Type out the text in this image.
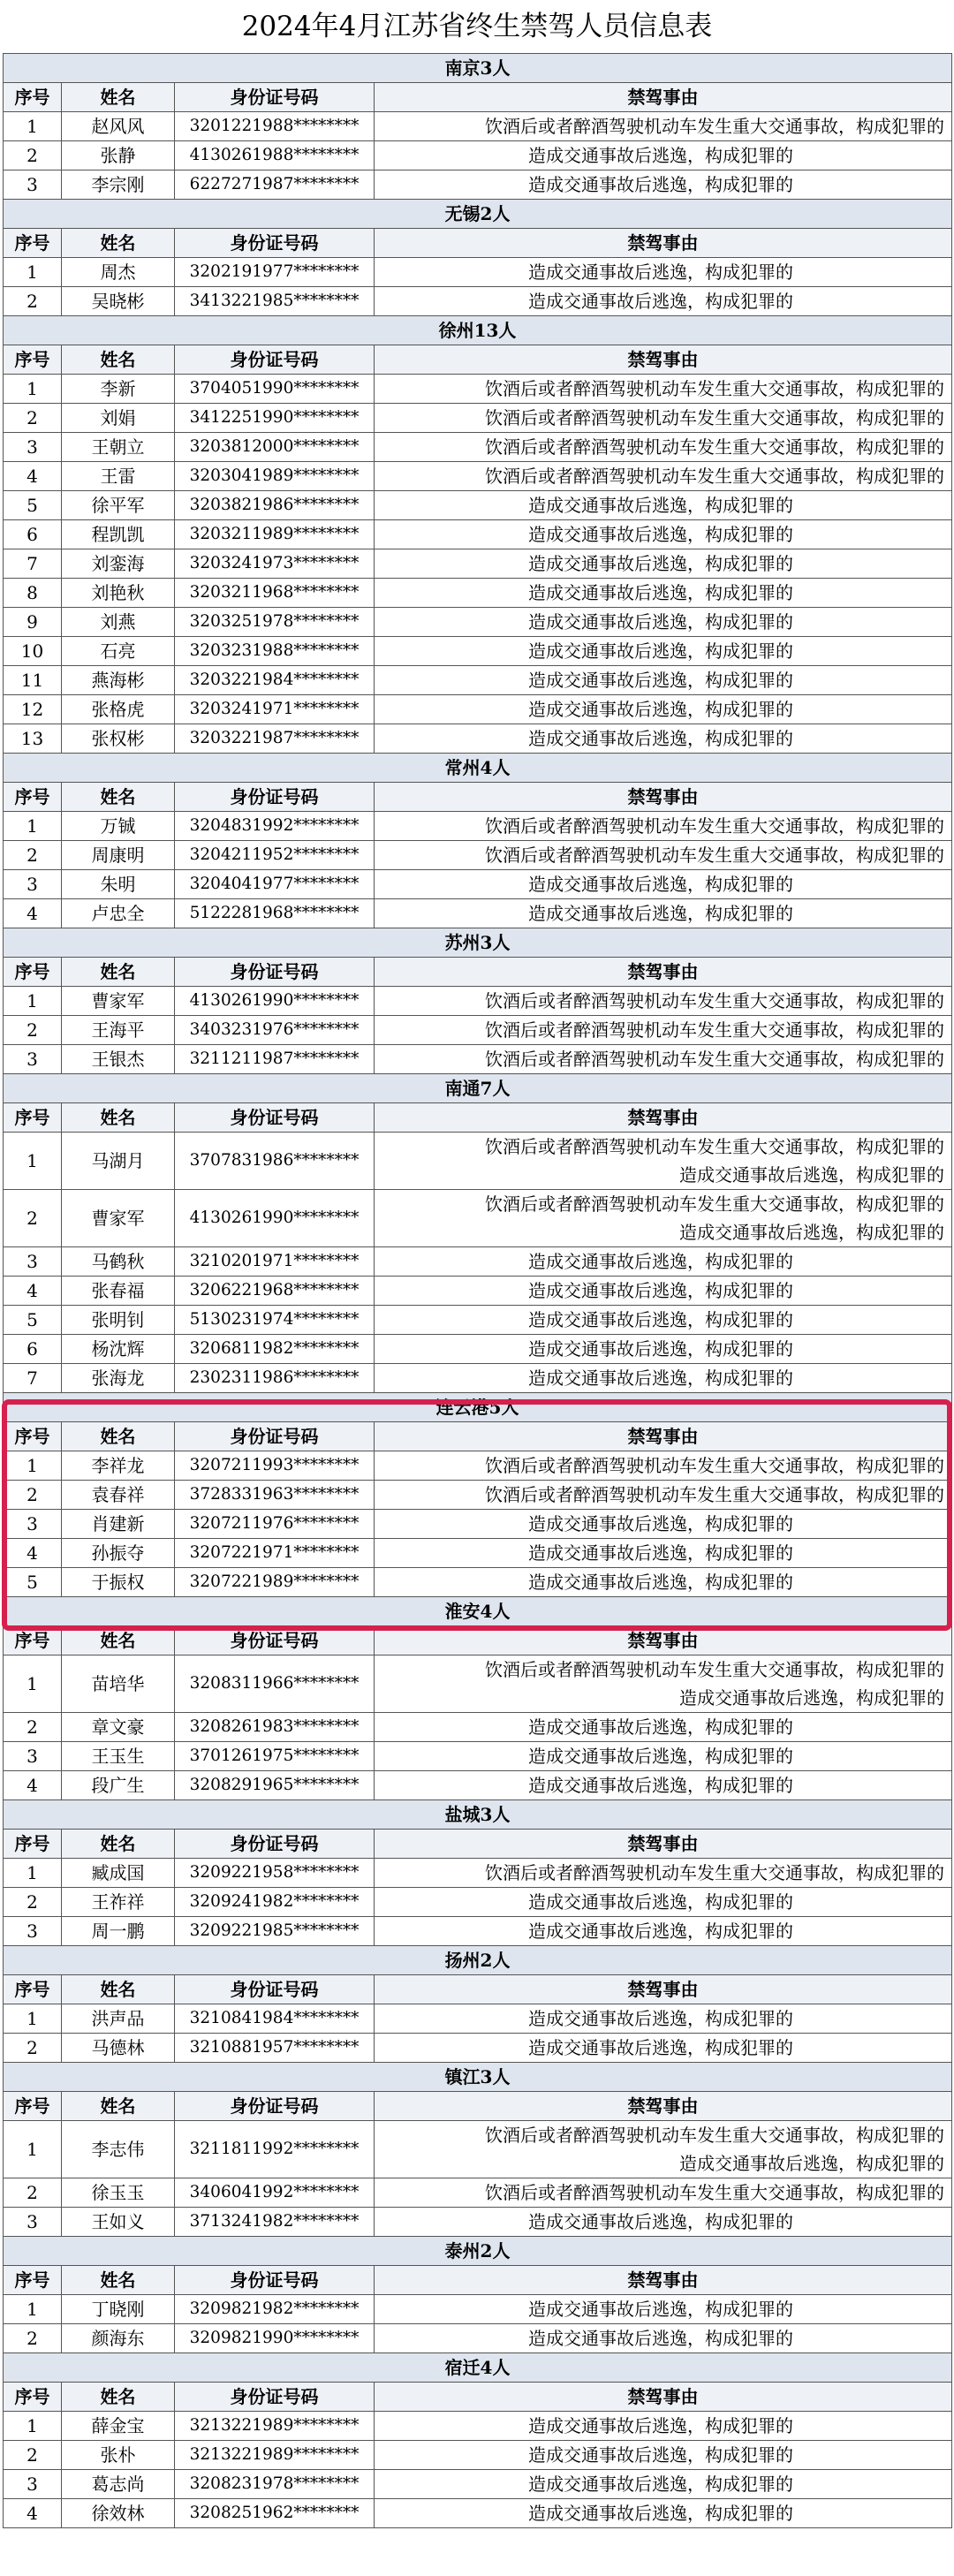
2024年4月江苏省终生禁驾人员信息表
南京3人			
序号	姓名	身份证号码	禁驾事由
1	赵风风	3201221988********	饮酒后或者醉酒驾驶机动车发生重大交通事故，构成犯罪的
2	张静	4130261988********	造成交通事故后逃逸，构成犯罪的
3	李宗刚	6227271987********	造成交通事故后逃逸，构成犯罪的
无锡2人			
序号	姓名	身份证号码	禁驾事由
1	周杰	3202191977********	造成交通事故后逃逸，构成犯罪的
2	吴晓彬	3413221985********	造成交通事故后逃逸，构成犯罪的
徐州13人			
序号	姓名	身份证号码	禁驾事由
1	李新	3704051990********	饮酒后或者醉酒驾驶机动车发生重大交通事故，构成犯罪的
2	刘娟	3412251990********	饮酒后或者醉酒驾驶机动车发生重大交通事故，构成犯罪的
3	王朝立	3203812000********	饮酒后或者醉酒驾驶机动车发生重大交通事故，构成犯罪的
4	王雷	3203041989********	饮酒后或者醉酒驾驶机动车发生重大交通事故，构成犯罪的
5	徐平军	3203821986********	造成交通事故后逃逸，构成犯罪的
6	程凯凯	3203211989********	造成交通事故后逃逸，构成犯罪的
7	刘銮海	3203241973********	造成交通事故后逃逸，构成犯罪的
8	刘艳秋	3203211968********	造成交通事故后逃逸，构成犯罪的
9	刘燕	3203251978********	造成交通事故后逃逸，构成犯罪的
10	石亮	3203231988********	造成交通事故后逃逸，构成犯罪的
11	燕海彬	3203221984********	造成交通事故后逃逸，构成犯罪的
12	张格虎	3203241971********	造成交通事故后逃逸，构成犯罪的
13	张权彬	3203221987********	造成交通事故后逃逸，构成犯罪的
常州4人			
序号	姓名	身份证号码	禁驾事由
1	万铖	3204831992********	饮酒后或者醉酒驾驶机动车发生重大交通事故，构成犯罪的
2	周康明	3204211952********	饮酒后或者醉酒驾驶机动车发生重大交通事故，构成犯罪的
3	朱明	3204041977********	造成交通事故后逃逸，构成犯罪的
4	卢忠全	5122281968********	造成交通事故后逃逸，构成犯罪的
苏州3人			
序号	姓名	身份证号码	禁驾事由
1	曹家军	4130261990********	饮酒后或者醉酒驾驶机动车发生重大交通事故，构成犯罪的
2	王海平	3403231976********	饮酒后或者醉酒驾驶机动车发生重大交通事故，构成犯罪的
3	王银杰	3211211987********	饮酒后或者醉酒驾驶机动车发生重大交通事故，构成犯罪的
南通7人			
序号	姓名	身份证号码	禁驾事由
1	马湖月	3707831986********	饮酒后或者醉酒驾驶机动车发生重大交通事故，构成犯罪的
造成交通事故后逃逸，构成犯罪的

2	曹家军	4130261990********	饮酒后或者醉酒驾驶机动车发生重大交通事故，构成犯罪的
造成交通事故后逃逸，构成犯罪的

3	马鹤秋	3210201971********	造成交通事故后逃逸，构成犯罪的
4	张春福	3206221968********	造成交通事故后逃逸，构成犯罪的
5	张明钊	5130231974********	造成交通事故后逃逸，构成犯罪的
6	杨沈辉	3206811982********	造成交通事故后逃逸，构成犯罪的
7	张海龙	2302311986********	造成交通事故后逃逸，构成犯罪的
连云港5人			
序号	姓名	身份证号码	禁驾事由
1	李祥龙	3207211993********	饮酒后或者醉酒驾驶机动车发生重大交通事故，构成犯罪的
2	袁春祥	3728331963********	饮酒后或者醉酒驾驶机动车发生重大交通事故，构成犯罪的
3	肖建新	3207211976********	造成交通事故后逃逸，构成犯罪的
4	孙振夺	3207221971********	造成交通事故后逃逸，构成犯罪的
5	于振权	3207221989********	造成交通事故后逃逸，构成犯罪的
淮安4人			
序号	姓名	身份证号码	禁驾事由
1	苗培华	3208311966********	饮酒后或者醉酒驾驶机动车发生重大交通事故，构成犯罪的
造成交通事故后逃逸，构成犯罪的

2	章文豪	3208261983********	造成交通事故后逃逸，构成犯罪的
3	王玉生	3701261975********	造成交通事故后逃逸，构成犯罪的
4	段广生	3208291965********	造成交通事故后逃逸，构成犯罪的
盐城3人			
序号	姓名	身份证号码	禁驾事由
1	臧成国	3209221958********	饮酒后或者醉酒驾驶机动车发生重大交通事故，构成犯罪的
2	王祚祥	3209241982********	造成交通事故后逃逸，构成犯罪的
3	周一鹏	3209221985********	造成交通事故后逃逸，构成犯罪的
扬州2人			
序号	姓名	身份证号码	禁驾事由
1	洪声品	3210841984********	造成交通事故后逃逸，构成犯罪的
2	马德林	3210881957********	造成交通事故后逃逸，构成犯罪的
镇江3人			
序号	姓名	身份证号码	禁驾事由
1	李志伟	3211811992********	饮酒后或者醉酒驾驶机动车发生重大交通事故，构成犯罪的
造成交通事故后逃逸，构成犯罪的

2	徐玉玉	3406041992********	饮酒后或者醉酒驾驶机动车发生重大交通事故，构成犯罪的
3	王如义	3713241982********	造成交通事故后逃逸，构成犯罪的
泰州2人			
序号	姓名	身份证号码	禁驾事由
1	丁晓刚	3209821982********	造成交通事故后逃逸，构成犯罪的
2	颜海东	3209821990********	造成交通事故后逃逸，构成犯罪的
宿迁4人			
序号	姓名	身份证号码	禁驾事由
1	薛金宝	3213221989********	造成交通事故后逃逸，构成犯罪的
2	张朴	3213221989********	造成交通事故后逃逸，构成犯罪的
3	葛志尚	3208231978********	造成交通事故后逃逸，构成犯罪的
4	徐效林	3208251962********	造成交通事故后逃逸，构成犯罪的
